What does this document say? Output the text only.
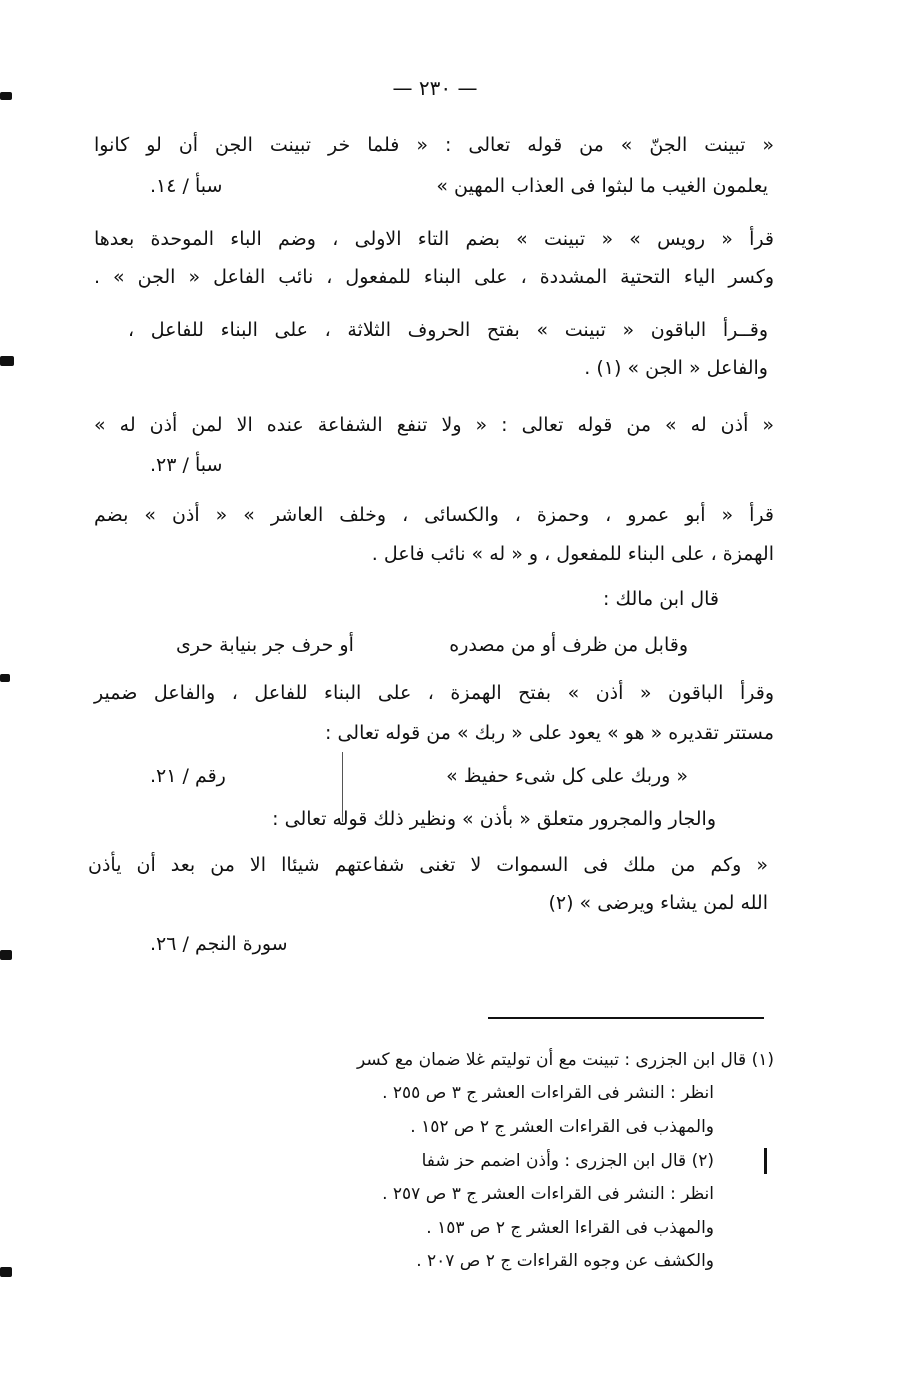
— ٢٣٠ —
« تبينت الجنّ » من قوله تعالى : « فلما خر تبينت الجن أن لو كانوا
يعلمون الغيب ما لبثوا فى العذاب المهين »
سبأ / ١٤.
قرأ « رويس » « تبينت » بضم التاء الاولى ، وضم الباء الموحدة بعدها
وكسر الياء التحتية المشددة ، على البناء للمفعول ، نائب الفاعل « الجن » .
وقــرأ الباقون « تبينت » بفتح الحروف الثلاثة ، على البناء للفاعل ،
والفاعل « الجن » (١) .
« أذن له » من قوله تعالى : « ولا تنفع الشفاعة عنده الا لمن أذن له »
سبأ / ٢٣.
قرأ « أبو عمرو ، وحمزة ، والكسائى ، وخلف العاشر » « أذن » بضم
الهمزة ، على البناء للمفعول ، و « له » نائب فاعل .
قال ابن مالك :
وقابل من ظرف أو من مصدره
أو حرف جر بنيابة حرى
وقرأ الباقون « أذن » بفتح الهمزة ، على البناء للفاعل ، والفاعل ضمير
مستتر تقديره « هو » يعود على « ربك » من قوله تعالى :
« وربك على كل شىء حفيظ »
رقم / ٢١.
والجار والمجرور متعلق « بأذن » ونظير ذلك قوله تعالى :
« وكم من ملك فى السموات لا تغنى شفاعتهم شيئاا الا من بعد أن يأذن
الله لمن يشاء ويرضى » (٢)
سورة النجم / ٢٦.
(١) قال ابن الجزرى : تبينت مع أن توليتم غلا ضمان مع كسر
انظر : النشر فى القراءات العشر ج ٣ ص ٢٥٥ .
والمهذب فى القراءات العشر ج ٢ ص ١٥٢ .
(٢) قال ابن الجزرى : وأذن اضمم حز شفا
انظر : النشر فى القراءات العشر ج ٣ ص ٢٥٧ .
والمهذب فى القراءا العشر ج ٢ ص ١٥٣ .
والكشف عن وجوه القراءات ج ٢ ص ٢٠٧ .
